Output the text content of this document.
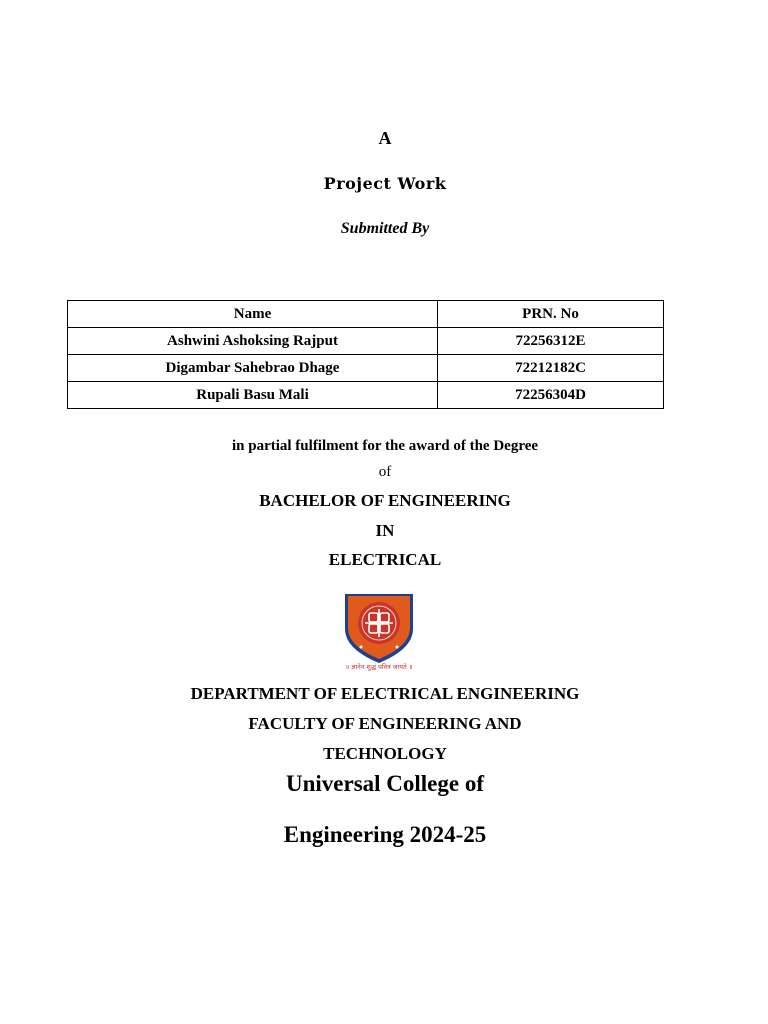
A
Project Work
Submitted By
Name	PRN. No
Ashwini Ashoksing Rajput	72256312E
Digambar Sahebrao Dhage	72212182C
Rupali Basu Mali	72256304D
in partial fulfilment for the award of the Degree
of
BACHELOR OF ENGINEERING
IN
ELECTRICAL
॥ ज्ञानेन शुद्धं पवित्रं जायते ॥
DEPARTMENT OF ELECTRICAL ENGINEERING
FACULTY OF ENGINEERING AND
TECHNOLOGY
Universal College of
Engineering 2024-25
